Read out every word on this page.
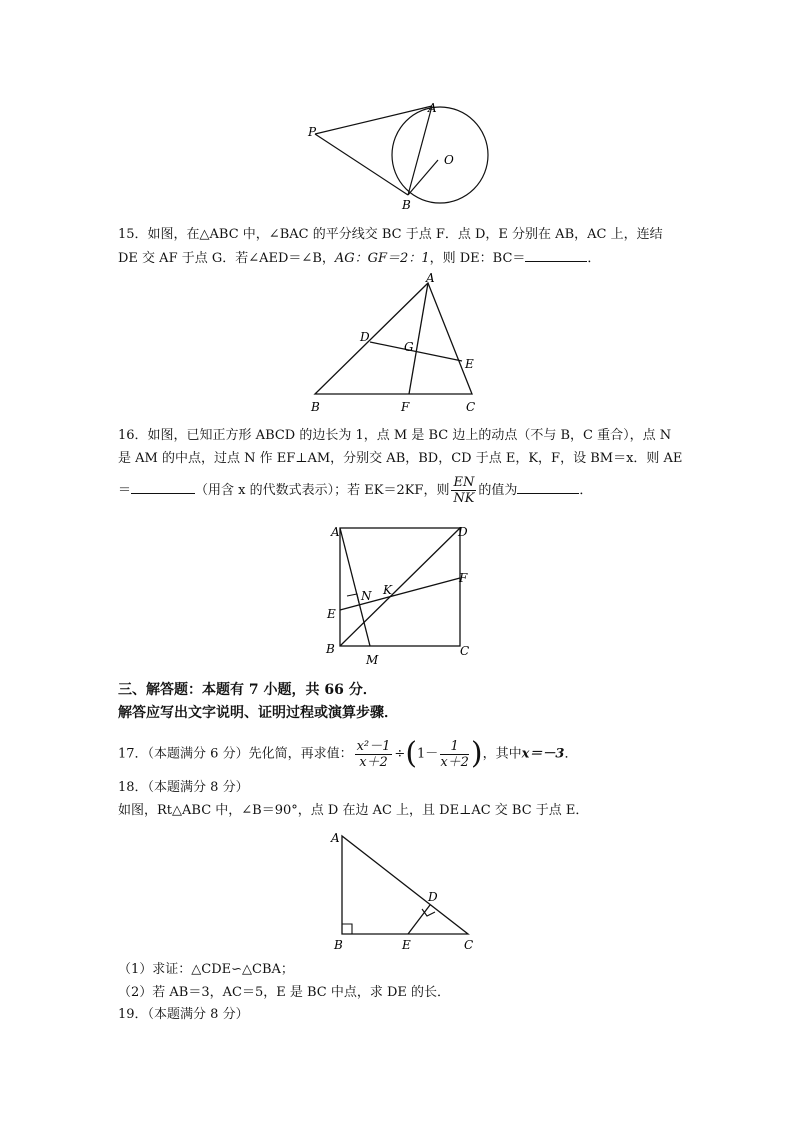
P
A
O
B
15．如图，在△ABC 中，∠BAC 的平分线交 BC 于点 F．点 D，E 分别在 AB，AC 上，连结
DE 交 AF 于点 G．若∠AED＝∠B，AG：GF＝2：1，则 DE：BC＝	．
A
D
G
E
B	F	C
16．如图，已知正方形 ABCD 的边长为 1，点 M 是 BC 边上的动点（不与 B，C 重合），点 N
是 AM 的中点，过点 N 作 EF⊥AM，分别交 AB，BD，CD 于点 E，K，F，设 BM＝x．则 AE
＝	（用含 x 的代数式表示）；若 EK＝2KF，则 $\frac{EN}{NK}$ 的值为	．
A	D
F
K
N
E
B
M
C
三、解答题：本题有 7 小题，共 66 分．
解答应写出文字说明、证明过程或演算步骤．
17．（本题满分 6 分）先化简，再求值： $\frac{\text{x²－1}}{x+2} \div(1- \frac{1}{x+2}$ )，其中x＝－3．
18．（本题满分 8 分）
如图，Rt△ABC 中，∠B＝90°，点 D 在边 AC 上，且 DE⊥AC 交 BC 于点 E．
A
D
B	E	C
（1）求证：△CDE∽△CBA；
（2）若 AB＝3，AC＝5，E 是 BC 中点，求 DE 的长．
19．（本题满分 8 分）
